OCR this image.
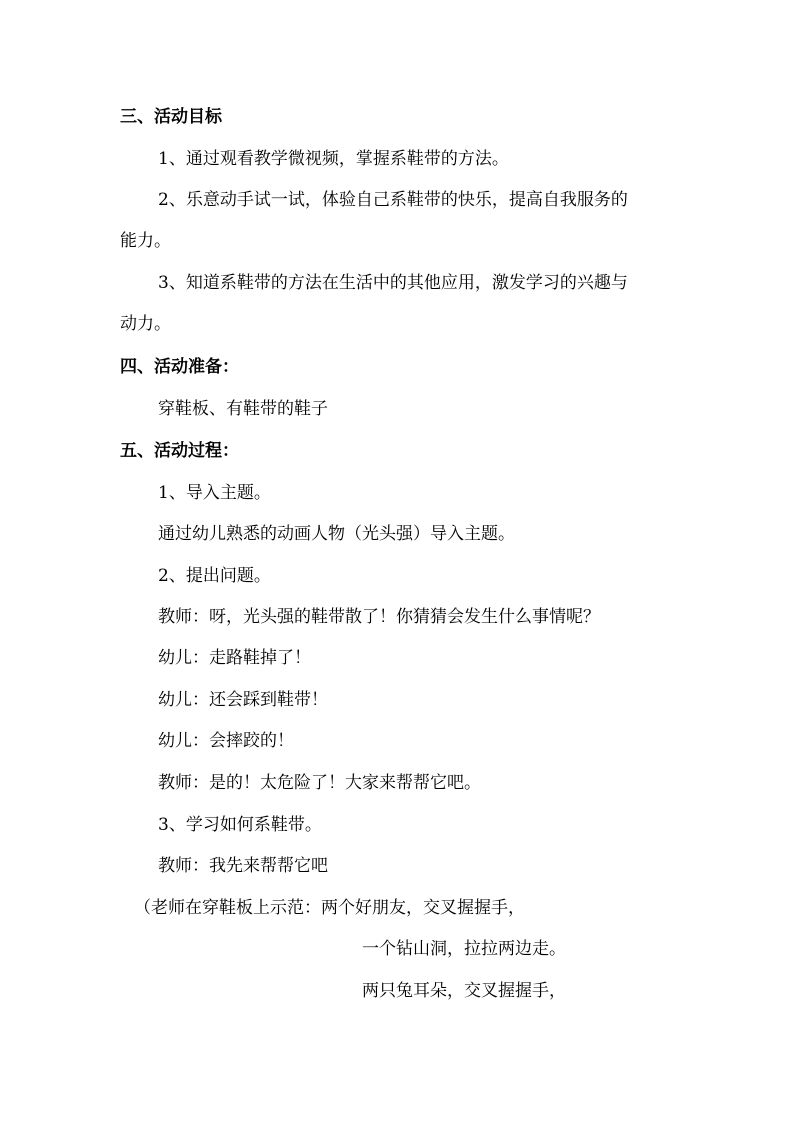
三、活动目标
1、通过观看教学微视频，掌握系鞋带的方法。
2、乐意动手试一试，体验自己系鞋带的快乐，提高自我服务的
能力。
3、知道系鞋带的方法在生活中的其他应用，激发学习的兴趣与
动力。
四、活动准备：
穿鞋板、有鞋带的鞋子
五、活动过程：
1、导入主题。
通过幼儿熟悉的动画人物（光头强）导入主题。
2、提出问题。
教师：呀，光头强的鞋带散了！你猜猜会发生什么事情呢？
幼儿：走路鞋掉了！
幼儿：还会踩到鞋带！
幼儿：会摔跤的！
教师：是的！太危险了！大家来帮帮它吧。
3、学习如何系鞋带。
教师：我先来帮帮它吧
（老师在穿鞋板上示范：两个好朋友，交叉握握手，
一个钻山洞，拉拉两边走。
两只兔耳朵，交叉握握手，
